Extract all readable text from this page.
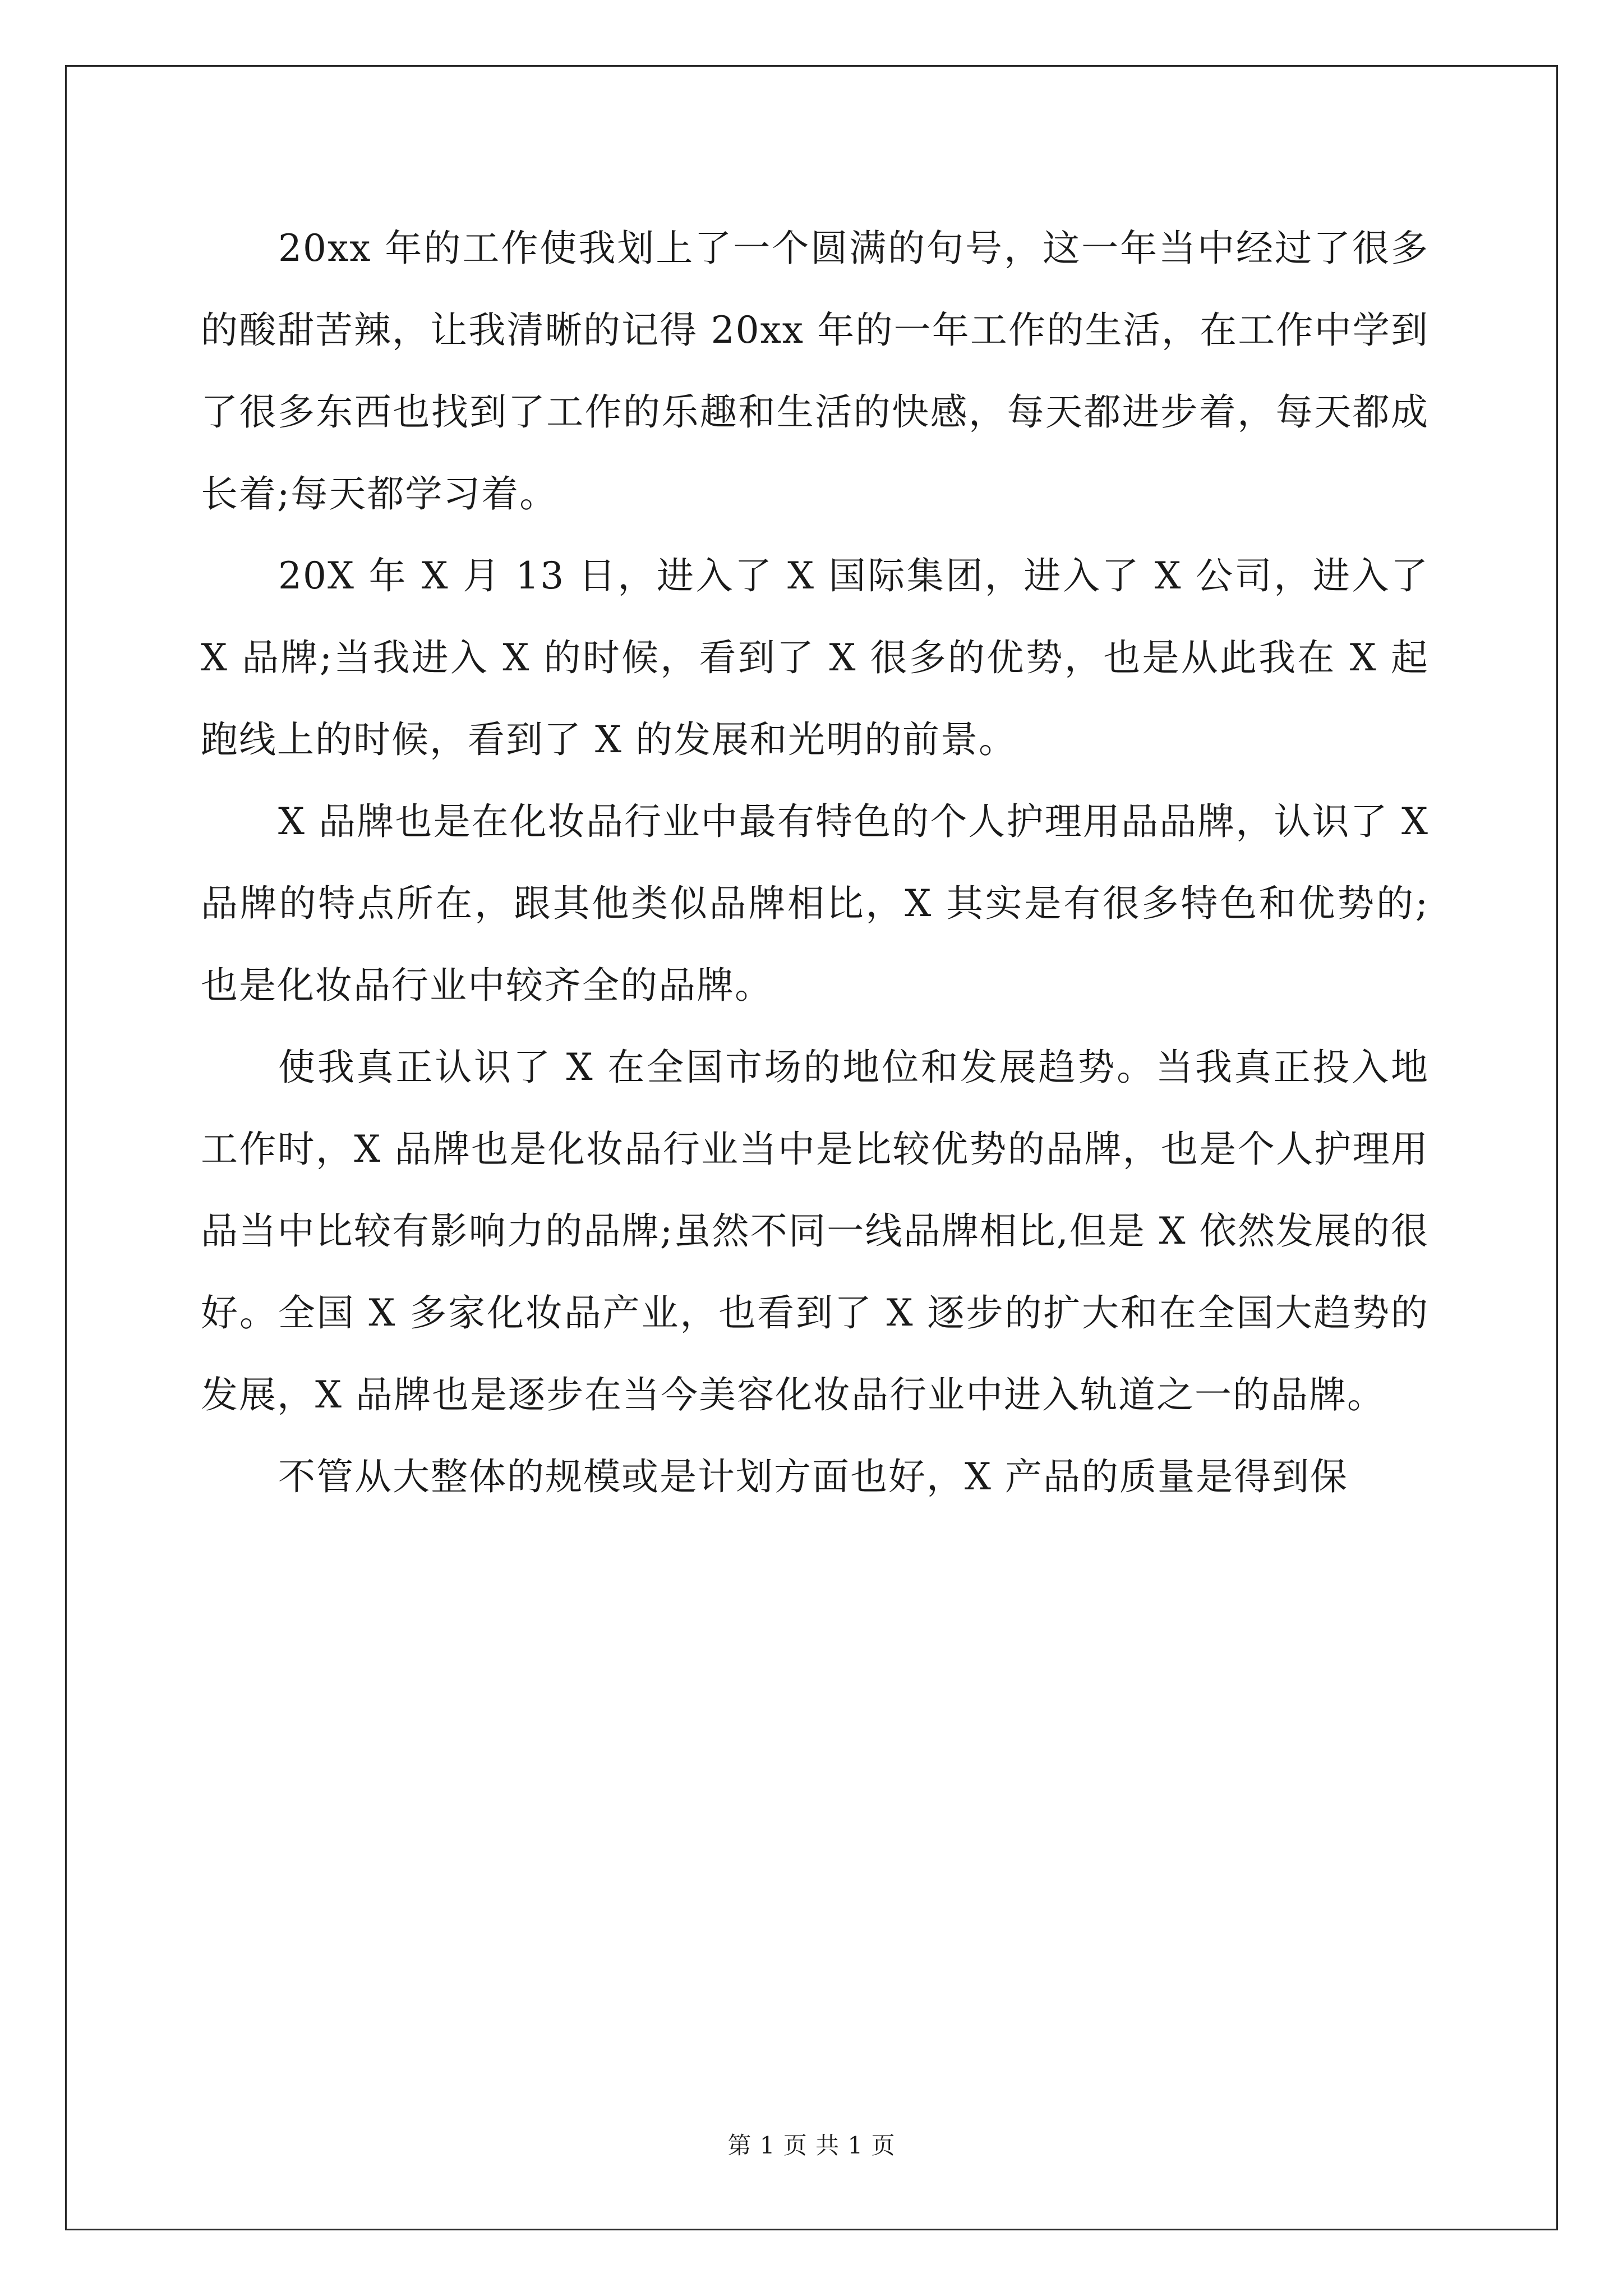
20xx 年的工作使我划上了一个圆满的句号，这一年当中经过了很多的酸甜苦辣，让我清晰的记得 20xx 年的一年工作的生活，在工作中学到了很多东西也找到了工作的乐趣和生活的快感，每天都进步着，每天都成长着;每天都学习着。

20X 年 X 月 13 日，进入了 X 国际集团，进入了 X 公司，进入了 X 品牌;当我进入 X 的时候，看到了 X 很多的优势，也是从此我在 X 起跑线上的时候，看到了 X 的发展和光明的前景。

X 品牌也是在化妆品行业中最有特色的个人护理用品品牌，认识了 X 品牌的特点所在，跟其他类似品牌相比，X 其实是有很多特色和优势的;也是化妆品行业中较齐全的品牌。

使我真正认识了 X 在全国市场的地位和发展趋势。当我真正投入地工作时，X 品牌也是化妆品行业当中是比较优势的品牌，也是个人护理用品当中比较有影响力的品牌;虽然不同一线品牌相比,但是 X 依然发展的很好。全国 X 多家化妆品产业，也看到了 X 逐步的扩大和在全国大趋势的发展，X 品牌也是逐步在当今美容化妆品行业中进入轨道之一的品牌。

不管从大整体的规模或是计划方面也好，X 产品的质量是得到保

第 1 页 共 1 页
